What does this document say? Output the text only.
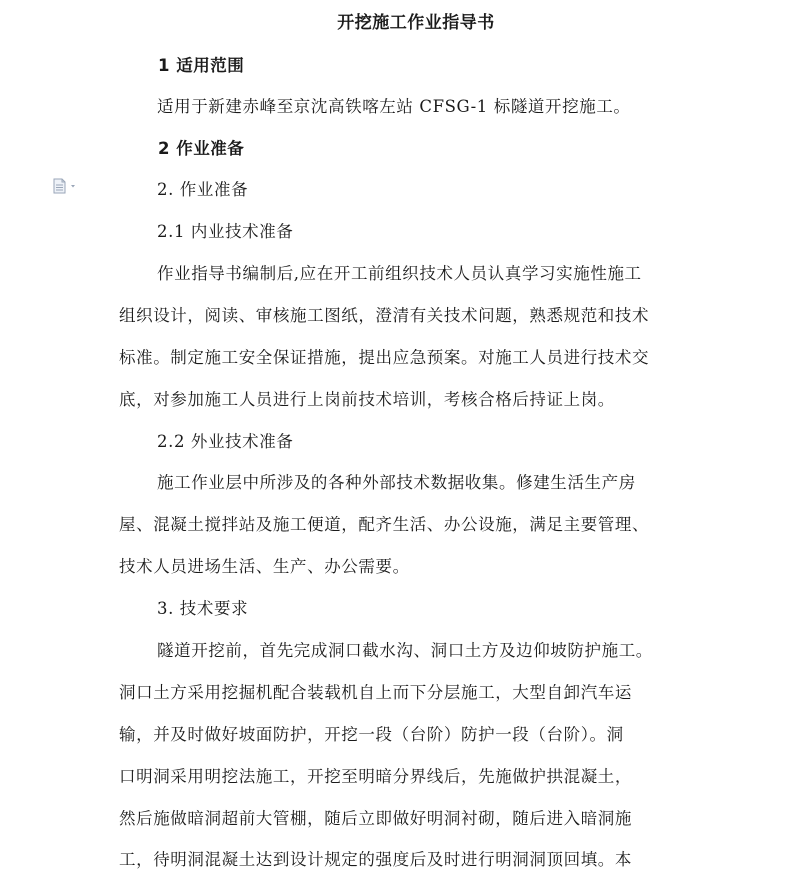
开挖施工作业指导书
1 适用范围
适用于新建赤峰至京沈高铁喀左站 CFSG-1 标隧道开挖施工。
2 作业准备
2. 作业准备
2.1 内业技术准备
作业指导书编制后,应在开工前组织技术人员认真学习实施性施工
组织设计，阅读、审核施工图纸，澄清有关技术问题，熟悉规范和技术
标准。制定施工安全保证措施，提出应急预案。对施工人员进行技术交
底，对参加施工人员进行上岗前技术培训，考核合格后持证上岗。
2.2 外业技术准备
施工作业层中所涉及的各种外部技术数据收集。修建生活生产房
屋、混凝土搅拌站及施工便道，配齐生活、办公设施，满足主要管理、
技术人员进场生活、生产、办公需要。
3. 技术要求
隧道开挖前，首先完成洞口截水沟、洞口土方及边仰坡防护施工。
洞口土方采用挖掘机配合装载机自上而下分层施工，大型自卸汽车运
输，并及时做好坡面防护，开挖一段（台阶）防护一段（台阶）。洞
口明洞采用明挖法施工，开挖至明暗分界线后，先施做护拱混凝土，
然后施做暗洞超前大管棚，随后立即做好明洞衬砌，随后进入暗洞施
工，待明洞混凝土达到设计规定的强度后及时进行明洞洞顶回填。本
